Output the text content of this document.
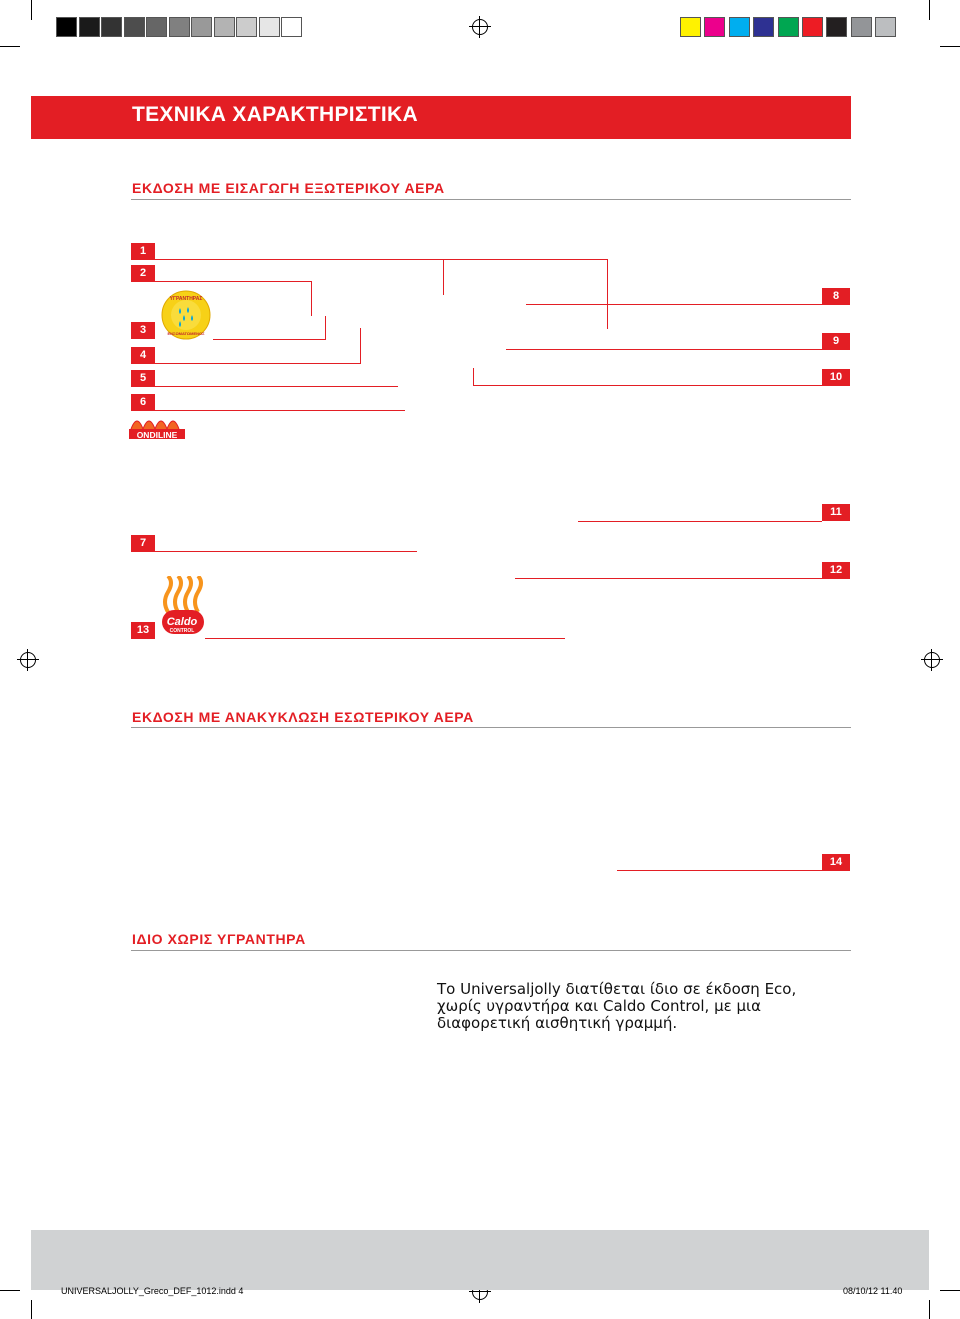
ΤΕΧΝΙΚΑ ΧΑΡΑΚΤΗΡΙΣΤΙΚΑ
ΕΚΔΟΣΗ ΜΕ ΕΙΣΑΓΩΓΗ ΕΞΩΤΕΡΙΚΟΥ ΑΕΡΑ
1
2
3
4
5
6
7
13
8
9
10
11
12
ΥΓΡΑΝΤΗΡΑΣ
ΕΝΣΩΜΑΤΩΜΕΝΟΣ
ONDILINE
Caldo
CONTROL
ΕΚΔΟΣΗ ΜΕ ΑΝΑΚΥΚΛΩΣΗ ΕΣΩΤΕΡΙΚΟΥ ΑΕΡΑ
14
ΙΔΙΟ ΧΩΡΙΣ ΥΓΡΑΝΤΗΡΑ
Το Universaljolly διατίθεται ίδιο σε έκδοση Eco, χωρίς υγραντήρα και Caldo Control, με μια διαφορετική αισθητική γραμμή.
UNIVERSALJOLLY_Greco_DEF_1012.indd 4	08/10/12 11.40
